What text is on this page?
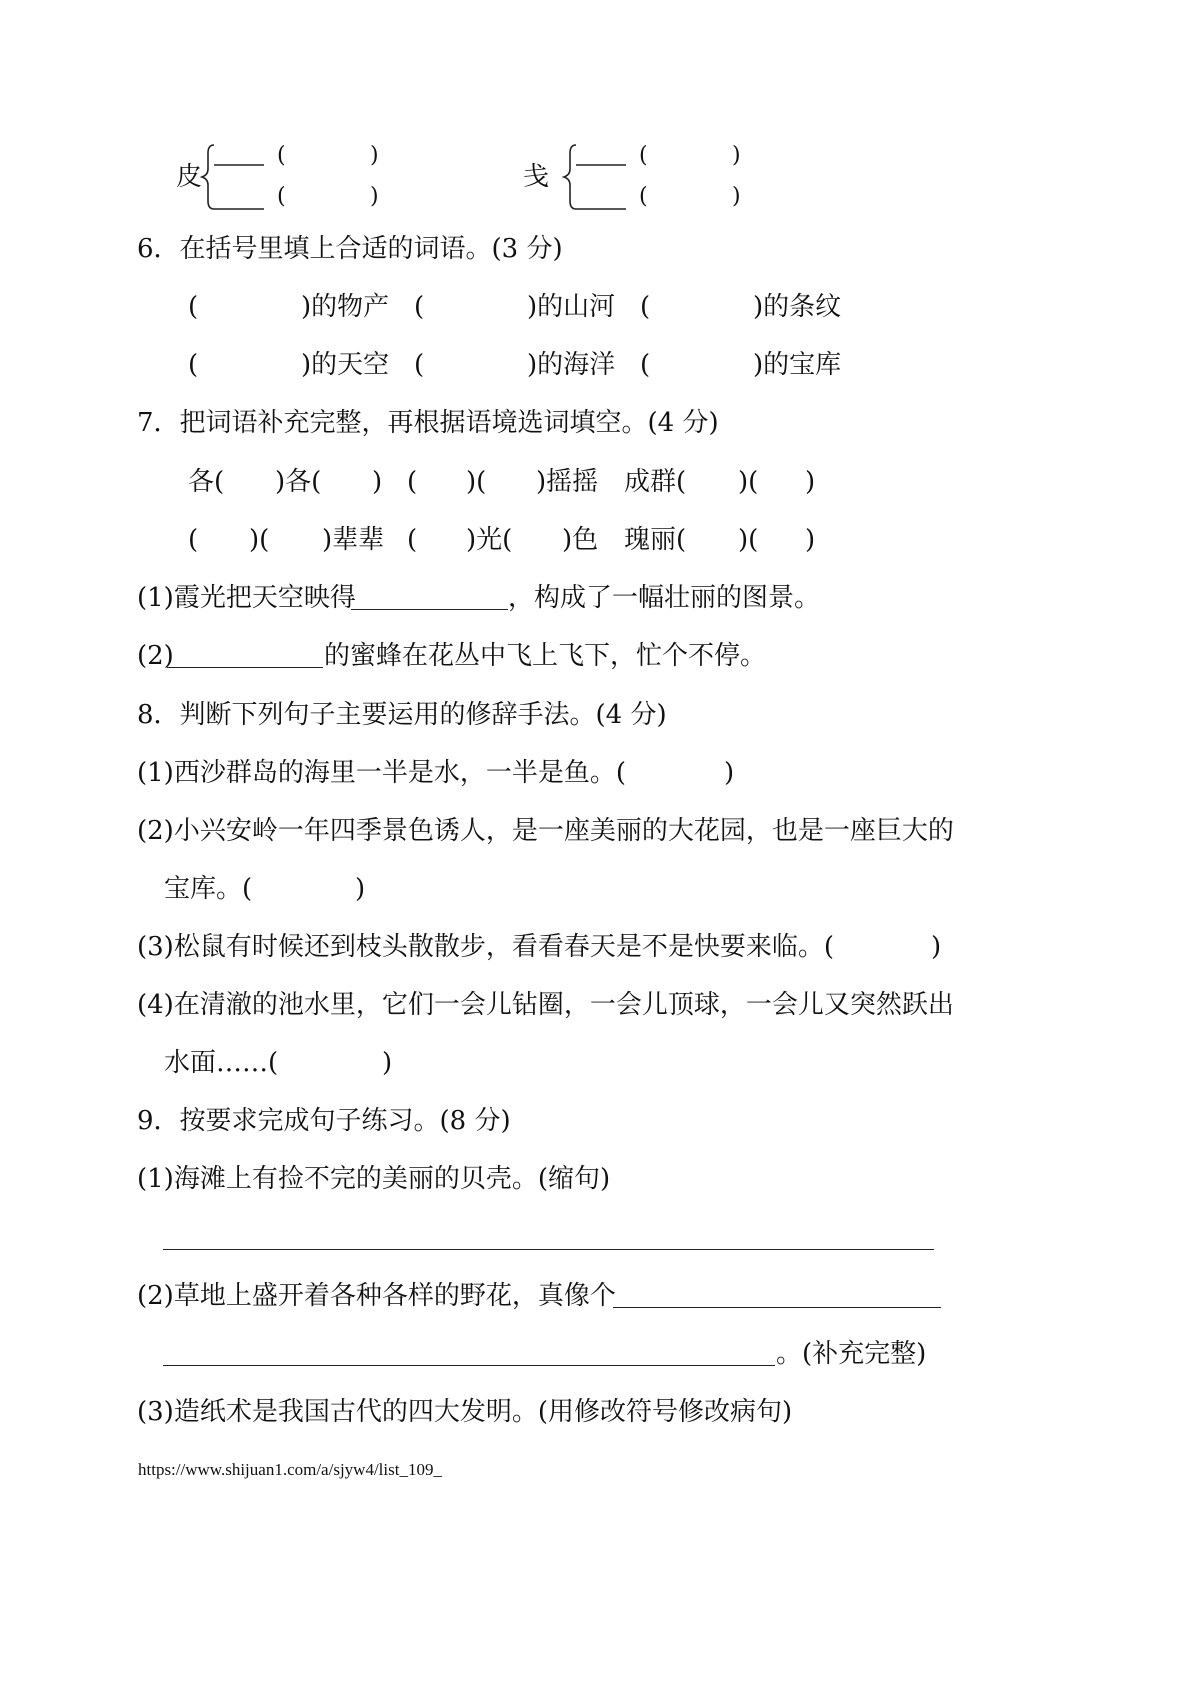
皮
(	)
(	)
戋
(	)
(	)
6．在括号里填上合适的词语。(3 分)
(	)的物产 (	)的山河 (	)的条纹
(	)的天空 (	)的海洋 (	)的宝库
7．把词语补充完整，再根据语境选词填空。(4 分)
各( )各( ) ( )( )摇摇 成群( )( )
( )( )辈辈 ( )光( )色 瑰丽( )( )
(1)霞光把天空映得	，构成了一幅壮丽的图景。
(2)	的蜜蜂在花丛中飞上飞下，忙个不停。
8．判断下列句子主要运用的修辞手法。(4 分)
(1)西沙群岛的海里一半是水，一半是鱼。(	)
(2)小兴安岭一年四季景色诱人，是一座美丽的大花园，也是一座巨大的
宝库。(	)
(3)松鼠有时候还到枝头散散步，看看春天是不是快要来临。(	)
(4)在清澈的池水里，它们一会儿钻圈，一会儿顶球，一会儿又突然跃出
水面……(	)
9．按要求完成句子练习。(8 分)
(1)海滩上有捡不完的美丽的贝壳。(缩句)
(2)草地上盛开着各种各样的野花，真像个
。(补充完整)
(3)造纸术是我国古代的四大发明。(用修改符号修改病句)
https://www.shijuan1.com/a/sjyw4/list_109_
